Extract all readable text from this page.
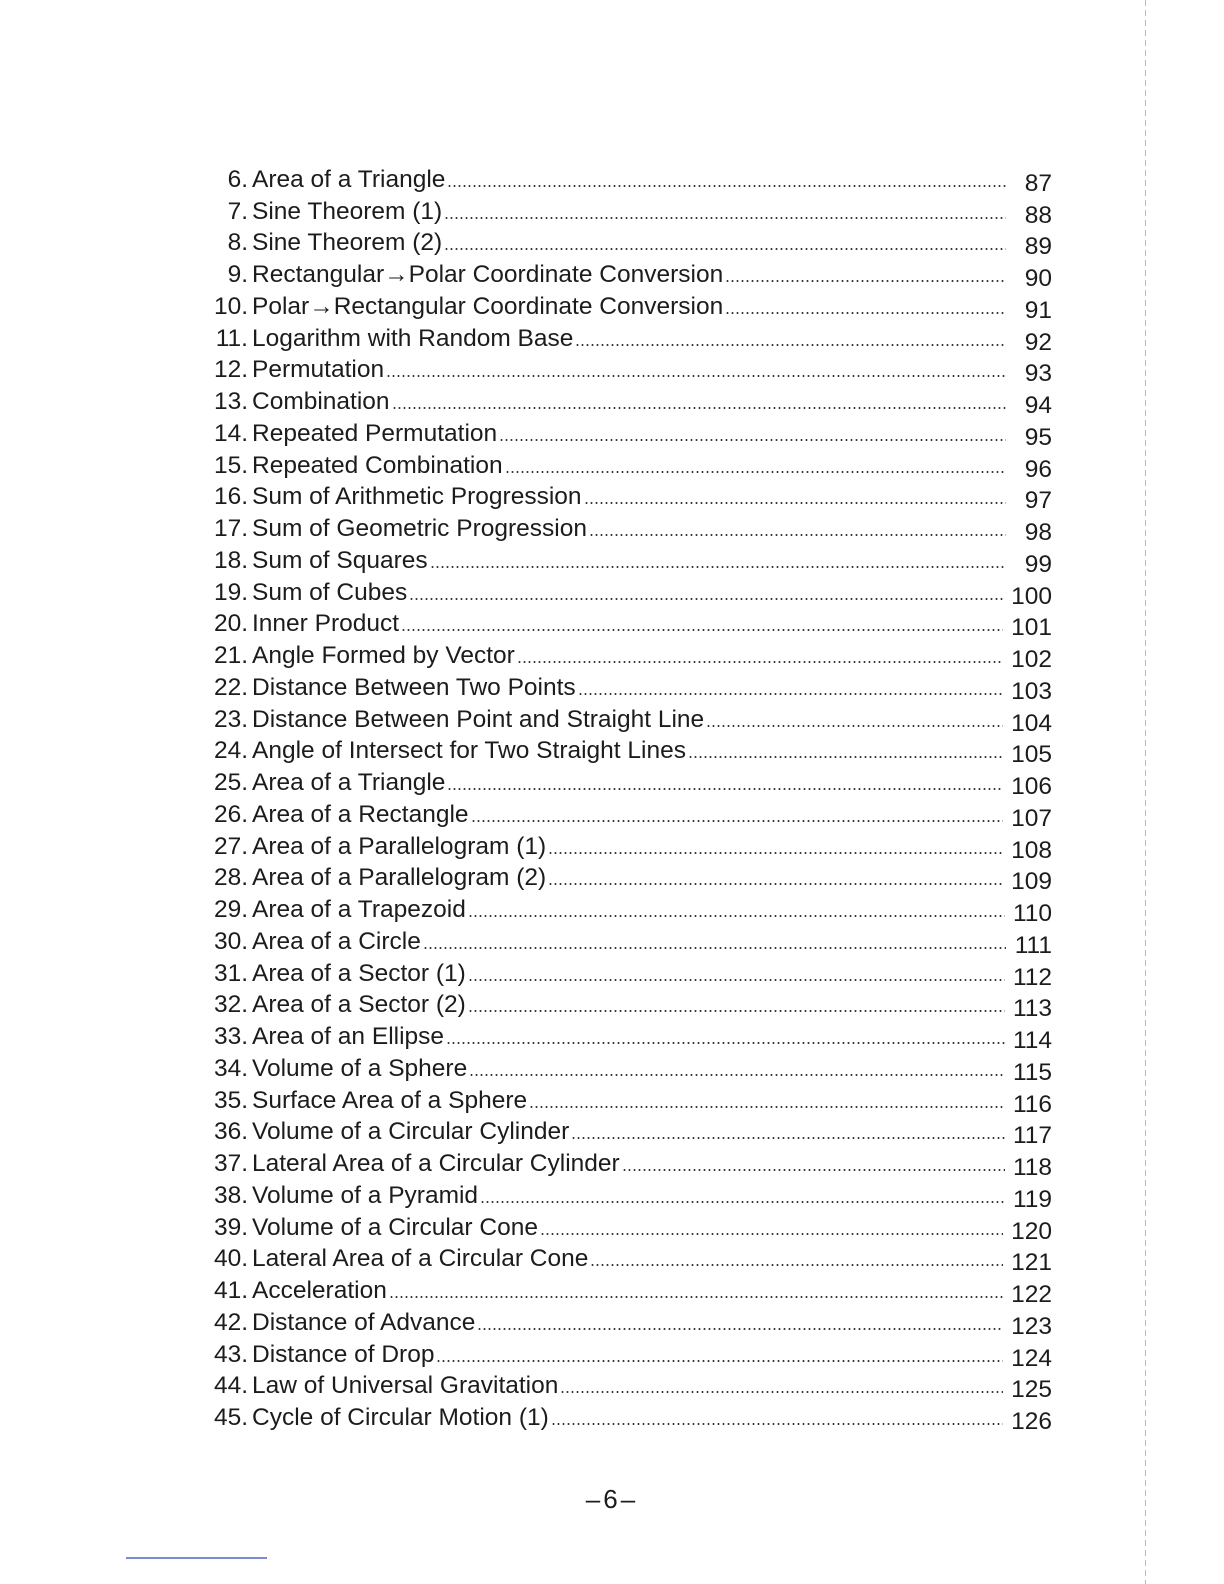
6. Area of a Triangle	87
7. Sine Theorem (1)	88
8. Sine Theorem (2)	89
9. Rectangular→Polar Coordinate Conversion	90
10. Polar→Rectangular Coordinate Conversion	91
11. Logarithm with Random Base	92
12. Permutation	93
13. Combination	94
14. Repeated Permutation	95
15. Repeated Combination	96
16. Sum of Arithmetic Progression	97
17. Sum of Geometric Progression	98
18. Sum of Squares	99
19. Sum of Cubes	100
20. Inner Product	101
21. Angle Formed by Vector	102
22. Distance Between Two Points	103
23. Distance Between Point and Straight Line	104
24. Angle of Intersect for Two Straight Lines	105
25. Area of a Triangle	106
26. Area of a Rectangle	107
27. Area of a Parallelogram (1)	108
28. Area of a Parallelogram (2)	109
29. Area of a Trapezoid	110
30. Area of a Circle	111
31. Area of a Sector (1)	112
32. Area of a Sector (2)	113
33. Area of an Ellipse	114
34. Volume of a Sphere	115
35. Surface Area of a Sphere	116
36. Volume of a Circular Cylinder	117
37. Lateral Area of a Circular Cylinder	118
38. Volume of a Pyramid	119
39. Volume of a Circular Cone	120
40. Lateral Area of a Circular Cone	121
41. Acceleration	122
42. Distance of Advance	123
43. Distance of Drop	124
44. Law of Universal Gravitation	125
45. Cycle of Circular Motion (1)	126
–6–
